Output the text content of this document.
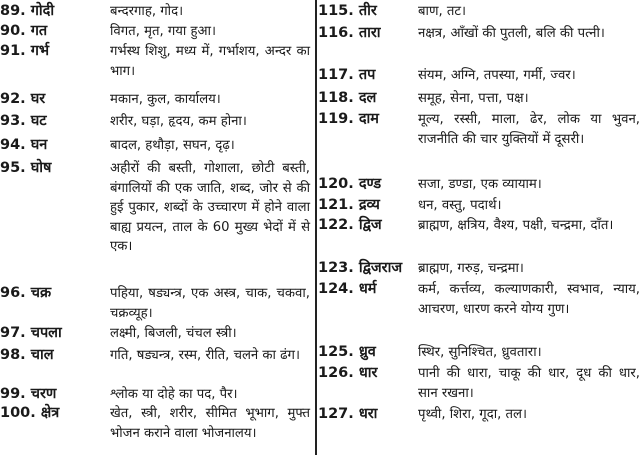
89. गोदी	बन्दरगाह, गोद।
90. गत	विगत, मृत, गया हुआ।
91. गर्भ	गर्भस्थ शिशु, मध्य में, गर्भाशय, अन्दर का भाग।
92. घर	मकान, कुल, कार्यालय।
93. घट	शरीर, घड़ा, हृदय, कम होना।
94. घन	बादल, हथौड़ा, सघन, दृढ़।
95. घोष	अहीरों की बस्ती, गोशाला, छोटी बस्ती, बंगालियों की एक जाति, शब्द, जोर से की हुई पुकार, शब्दों के उच्चारण में होने वाला बाह्य प्रयत्न, ताल के 60 मुख्य भेदों में से एक।
96. चक्र	पहिया, षड्यन्त्र, एक अस्त्र, चाक, चकवा, चक्रव्यूह।
97. चपला	लक्ष्मी, बिजली, चंचल स्त्री।
98. चाल	गति, षड्यन्त्र, रस्म, रीति, चलने का ढंग।
99. चरण	श्लोक या दोहे का पद, पैर।
100. क्षेत्र	खेत, स्त्री, शरीर, सीमित भूभाग, मुफ्त भोजन कराने वाला भोजनालय।
115. तीर	बाण, तट।
116. तारा	नक्षत्र, आँखों की पुतली, बलि की पत्नी।
117. तप	संयम, अग्नि, तपस्या, गर्मी, ज्वर।
118. दल	समूह, सेना, पत्ता, पक्ष।
119. दाम	मूल्य, रस्सी, माला, ढेर, लोक या भुवन, राजनीति की चार युक्तियों में दूसरी।
120. दण्ड	सजा, डण्डा, एक व्यायाम।
121. द्रव्य	धन, वस्तु, पदार्थ।
122. द्विज	ब्राह्मण, क्षत्रिय, वैश्य, पक्षी, चन्द्रमा, दाँत।
123. द्विजराज ब्राह्मण, गरुड़, चन्द्रमा।
124. धर्म	कर्म, कर्त्तव्य, कल्याणकारी, स्वभाव, न्याय, आचरण, धारण करने योग्य गुण।
125. ध्रुव	स्थिर, सुनिश्चित, ध्रुवतारा।
126. धार	पानी की धारा, चाकू की धार, दूध की धार, सान रखना।
127. धरा	पृथ्वी, शिरा, गूदा, तल।
